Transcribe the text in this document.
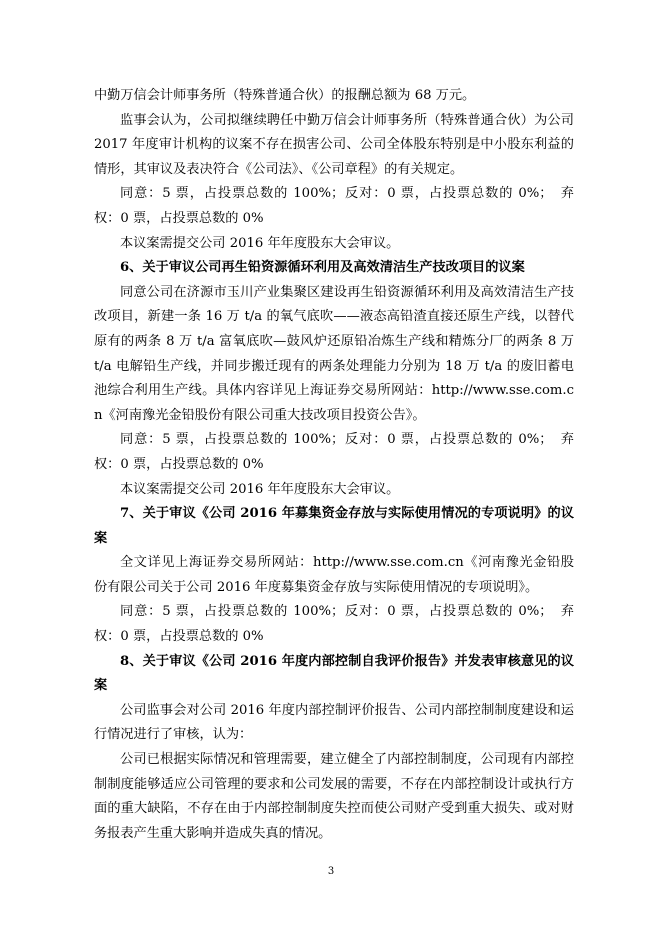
中勤万信会计师事务所（特殊普通合伙）的报酬总额为 68 万元。

监事会认为，公司拟继续聘任中勤万信会计师事务所（特殊普通合伙）为公司 2017 年度审计机构的议案不存在损害公司、公司全体股东特别是中小股东利益的情形，其审议及表决符合《公司法》、《公司章程》的有关规定。

同意：5 票，占投票总数的 100%；反对：0 票，占投票总数的 0%；　弃权：0 票，占投票总数的 0%

本议案需提交公司 2016 年年度股东大会审议。

6、关于审议公司再生铅资源循环利用及高效清洁生产技改项目的议案

同意公司在济源市玉川产业集聚区建设再生铅资源循环利用及高效清洁生产技改项目，新建一条 16 万 t/a 的氧气底吹——液态高铅渣直接还原生产线，以替代原有的两条 8 万 t/a 富氧底吹—鼓风炉还原铅冶炼生产线和精炼分厂的两条 8 万 t/a 电解铅生产线，并同步搬迁现有的两条处理能力分别为 18 万 t/a 的废旧蓄电池综合利用生产线。具体内容详见上海证券交易所网站：http://www.sse.com.cn《河南豫光金铅股份有限公司重大技改项目投资公告》。

同意：5 票，占投票总数的 100%；反对：0 票，占投票总数的 0%；　弃权：0 票，占投票总数的 0%

本议案需提交公司 2016 年年度股东大会审议。

7、关于审议《公司 2016 年募集资金存放与实际使用情况的专项说明》的议案

全文详见上海证券交易所网站：http://www.sse.com.cn《河南豫光金铅股份有限公司关于公司 2016 年度募集资金存放与实际使用情况的专项说明》。

同意：5 票，占投票总数的 100%；反对：0 票，占投票总数的 0%；　弃权：0 票，占投票总数的 0%

8、关于审议《公司 2016 年度内部控制自我评价报告》并发表审核意见的议案

公司监事会对公司 2016 年度内部控制评价报告、公司内部控制制度建设和运行情况进行了审核，认为：

公司已根据实际情况和管理需要，建立健全了内部控制制度，公司现有内部控制制度能够适应公司管理的要求和公司发展的需要，不存在内部控制设计或执行方面的重大缺陷，不存在由于内部控制制度失控而使公司财产受到重大损失、或对财务报表产生重大影响并造成失真的情况。

3
